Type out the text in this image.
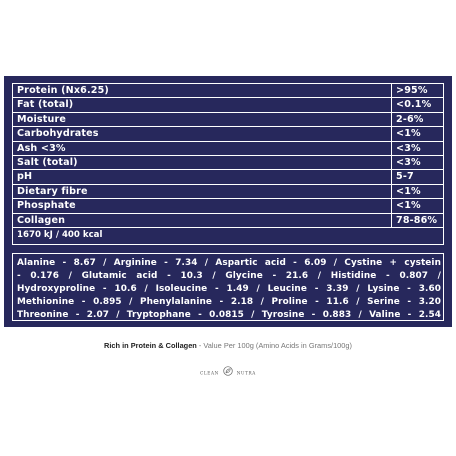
Protein (Nx6.25)	>95%
Fat (total)	<0.1%
Moisture	2-6%
Carbohydrates	<1%
Ash <3%	<3%
Salt (total)	<3%
pH	5-7
Dietary fibre	<1%
Phosphate	<1%
Collagen	78-86%
1670 kJ / 400 kcal
Alanine - 8.67 / Arginine - 7.34 / Aspartic acid - 6.09 / Cystine + cystein
- 0.176 / Glutamic acid - 10.3 / Glycine - 21.6 / Histidine - 0.807 /
Hydroxyproline - 10.6 / Isoleucine - 1.49 / Leucine - 3.39 / Lysine - 3.60
Methionine - 0.895 / Phenylalanine - 2.18 / Proline - 11.6 / Serine - 3.20
Threonine - 2.07 / Tryptophane - 0.0815 / Tyrosine - 0.883 / Valine - 2.54
Rich in Protein & Collagen - Value Per 100g (Amino Acids in Grams/100g)
CLEAN	NUTRA
